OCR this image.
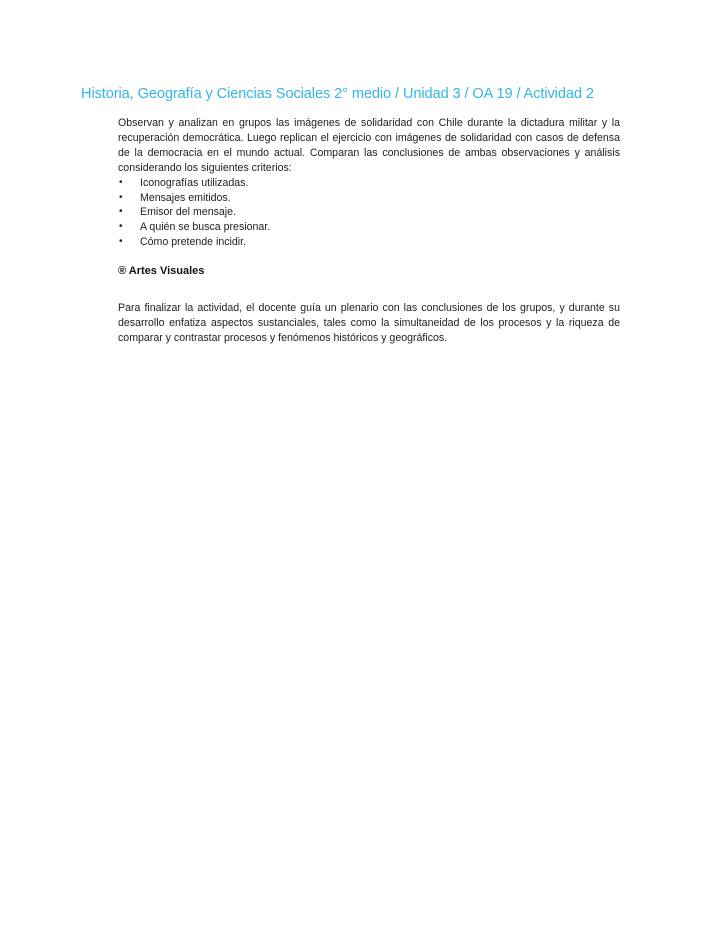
Historia, Geografía y Ciencias Sociales 2° medio / Unidad 3 / OA 19 / Actividad 2

Observan y analizan en grupos las imágenes de solidaridad con Chile durante la dictadura militar y la recuperación democrática. Luego replican el ejercicio con imágenes de solidaridad con casos de defensa de la democracia en el mundo actual. Comparan las conclusiones de ambas observaciones y análisis considerando los siguientes criterios:

• Iconografías utilizadas.
• Mensajes emitidos.
• Emisor del mensaje.
• A quién se busca presionar.
• Cómo pretende incidir.
® Artes Visuales

Para finalizar la actividad, el docente guía un plenario con las conclusiones de los grupos, y durante su desarrollo enfatiza aspectos sustanciales, tales como la simultaneidad de los procesos y la riqueza de comparar y contrastar procesos y fenómenos históricos y geográficos.
